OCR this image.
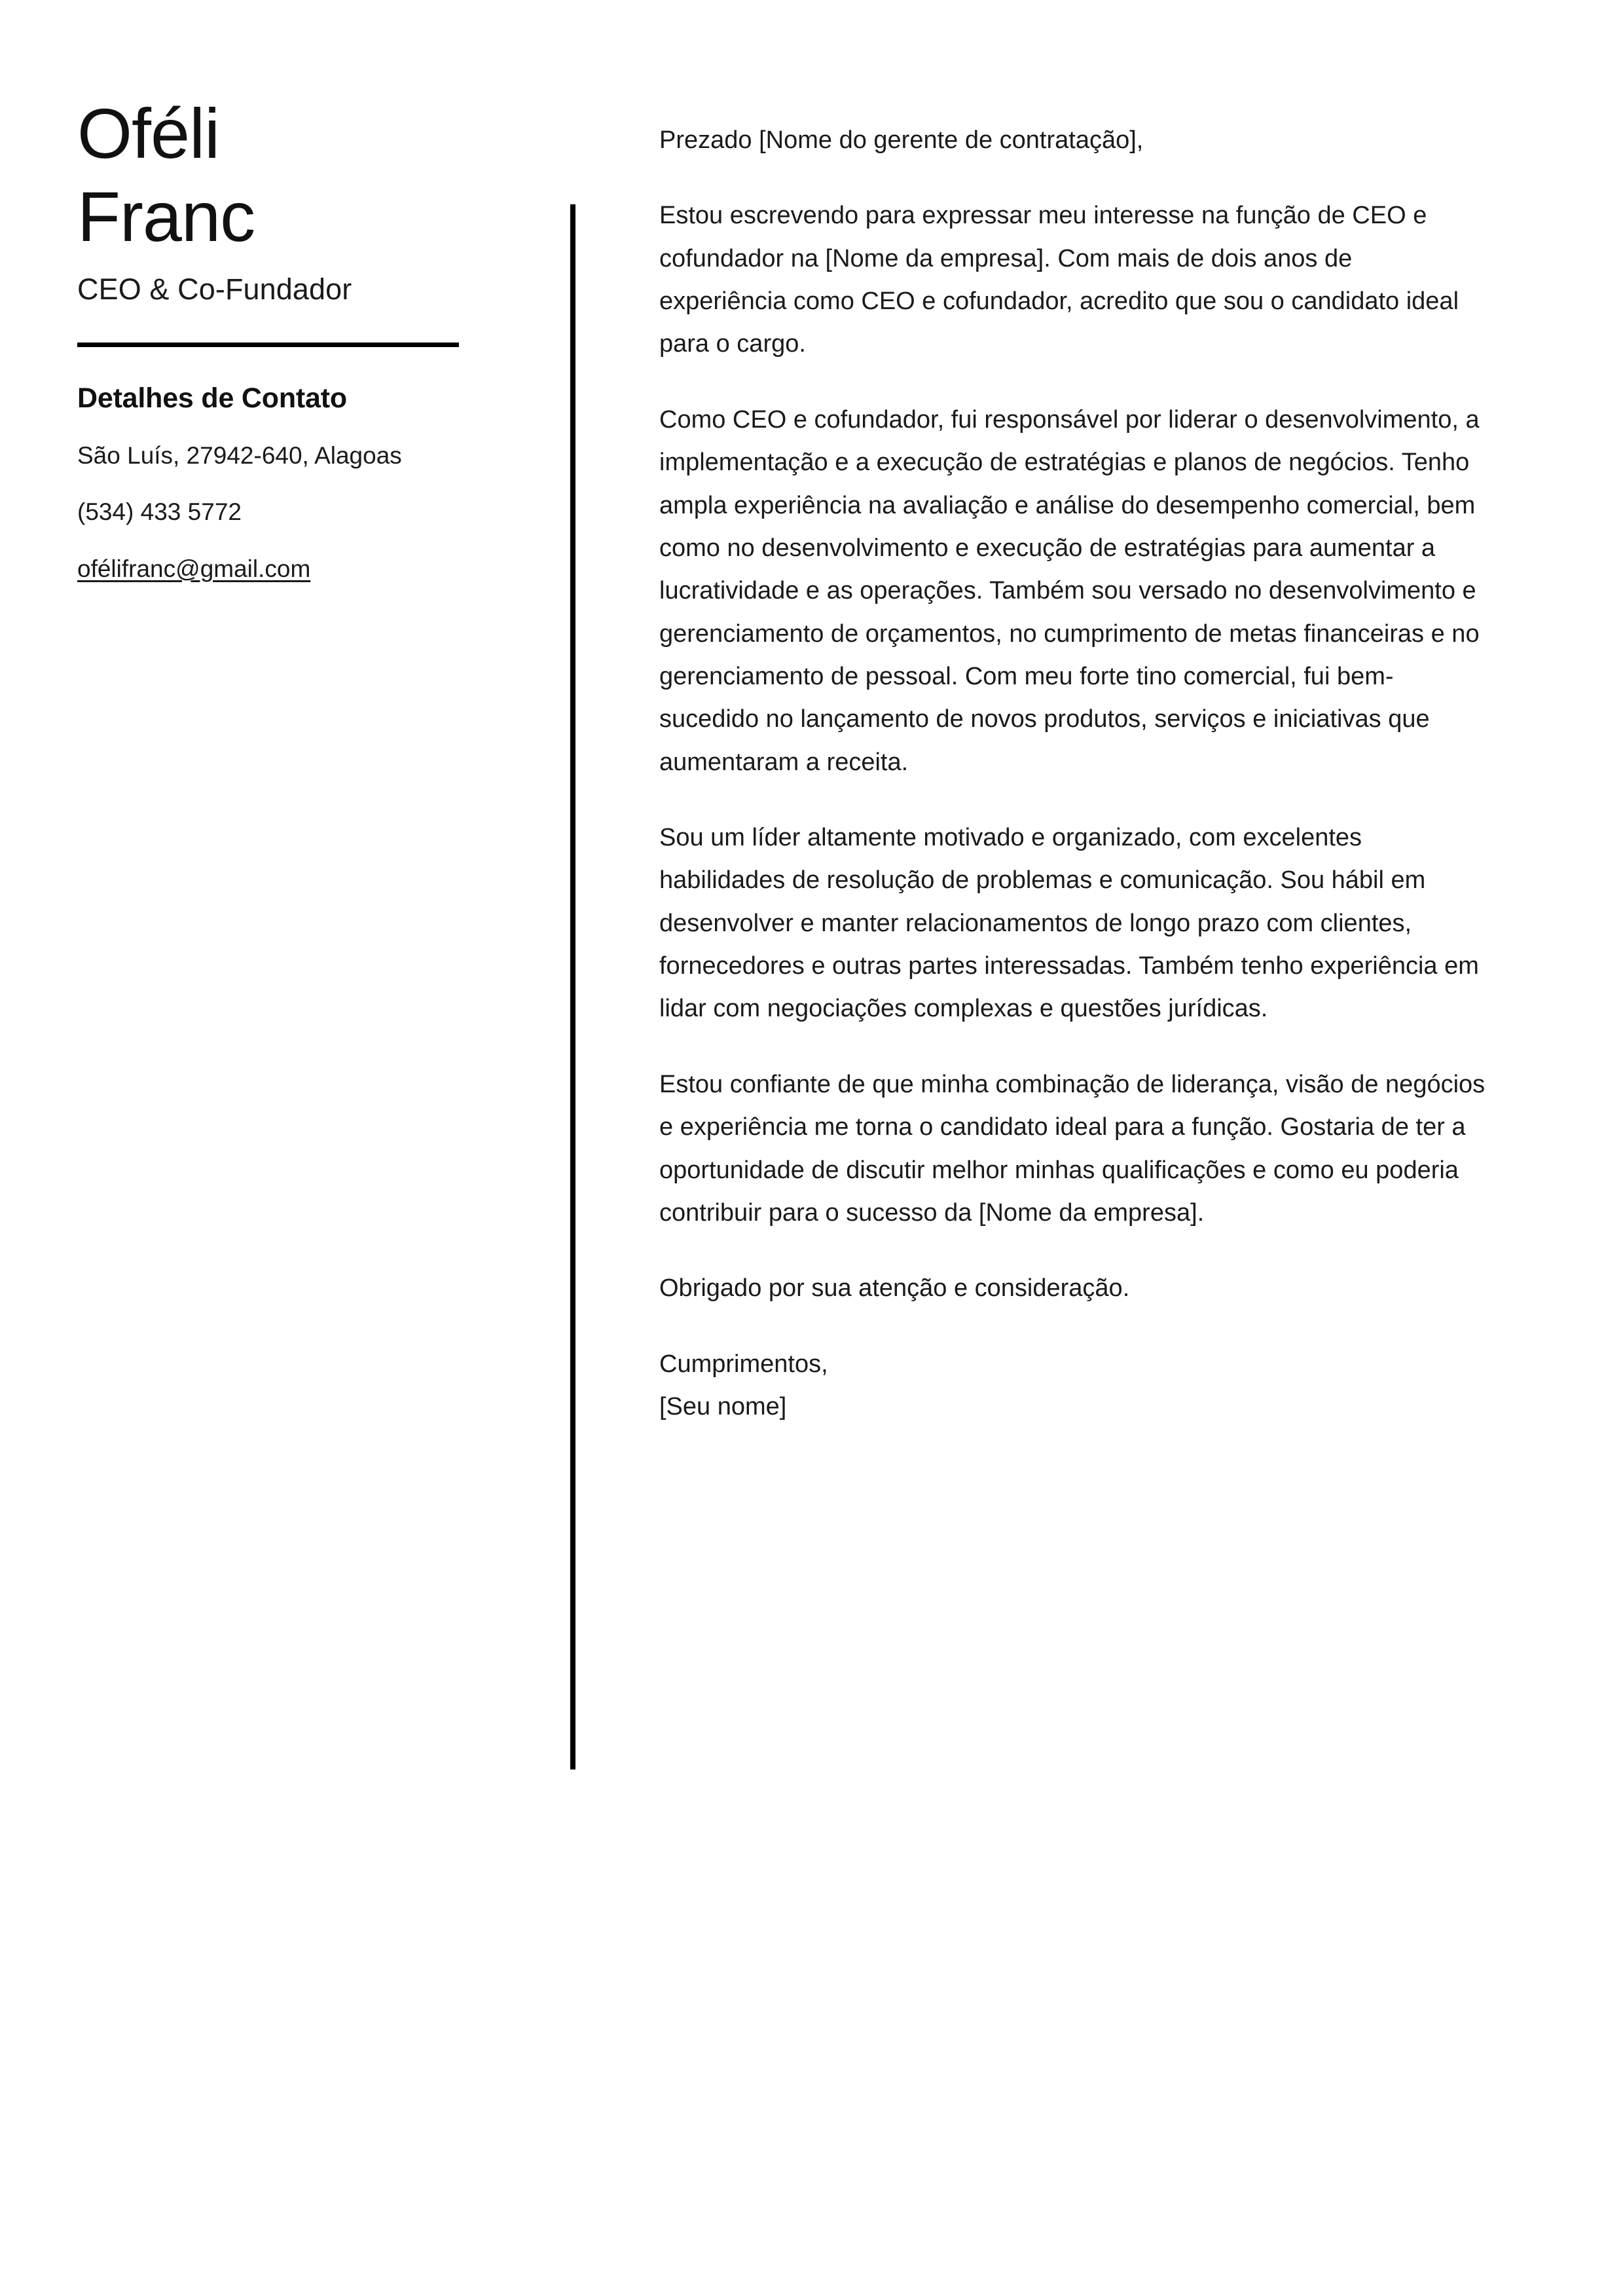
Oféli
Franc
CEO & Co-Fundador
Detalhes de Contato
São Luís, 27942-640, Alagoas
(534) 433 5772
ofélifranc@gmail.com

Prezado [Nome do gerente de contratação],

Estou escrevendo para expressar meu interesse na função de CEO e cofundador na [Nome da empresa]. Com mais de dois anos de experiência como CEO e cofundador, acredito que sou o candidato ideal para o cargo.

Como CEO e cofundador, fui responsável por liderar o desenvolvimento, a implementação e a execução de estratégias e planos de negócios. Tenho ampla experiência na avaliação e análise do desempenho comercial, bem como no desenvolvimento e execução de estratégias para aumentar a lucratividade e as operações. Também sou versado no desenvolvimento e gerenciamento de orçamentos, no cumprimento de metas financeiras e no gerenciamento de pessoal. Com meu forte tino comercial, fui bem-sucedido no lançamento de novos produtos, serviços e iniciativas que aumentaram a receita.

Sou um líder altamente motivado e organizado, com excelentes habilidades de resolução de problemas e comunicação. Sou hábil em desenvolver e manter relacionamentos de longo prazo com clientes, fornecedores e outras partes interessadas. Também tenho experiência em lidar com negociações complexas e questões jurídicas.

Estou confiante de que minha combinação de liderança, visão de negócios e experiência me torna o candidato ideal para a função. Gostaria de ter a oportunidade de discutir melhor minhas qualificações e como eu poderia contribuir para o sucesso da [Nome da empresa].

Obrigado por sua atenção e consideração.

Cumprimentos,
[Seu nome]
